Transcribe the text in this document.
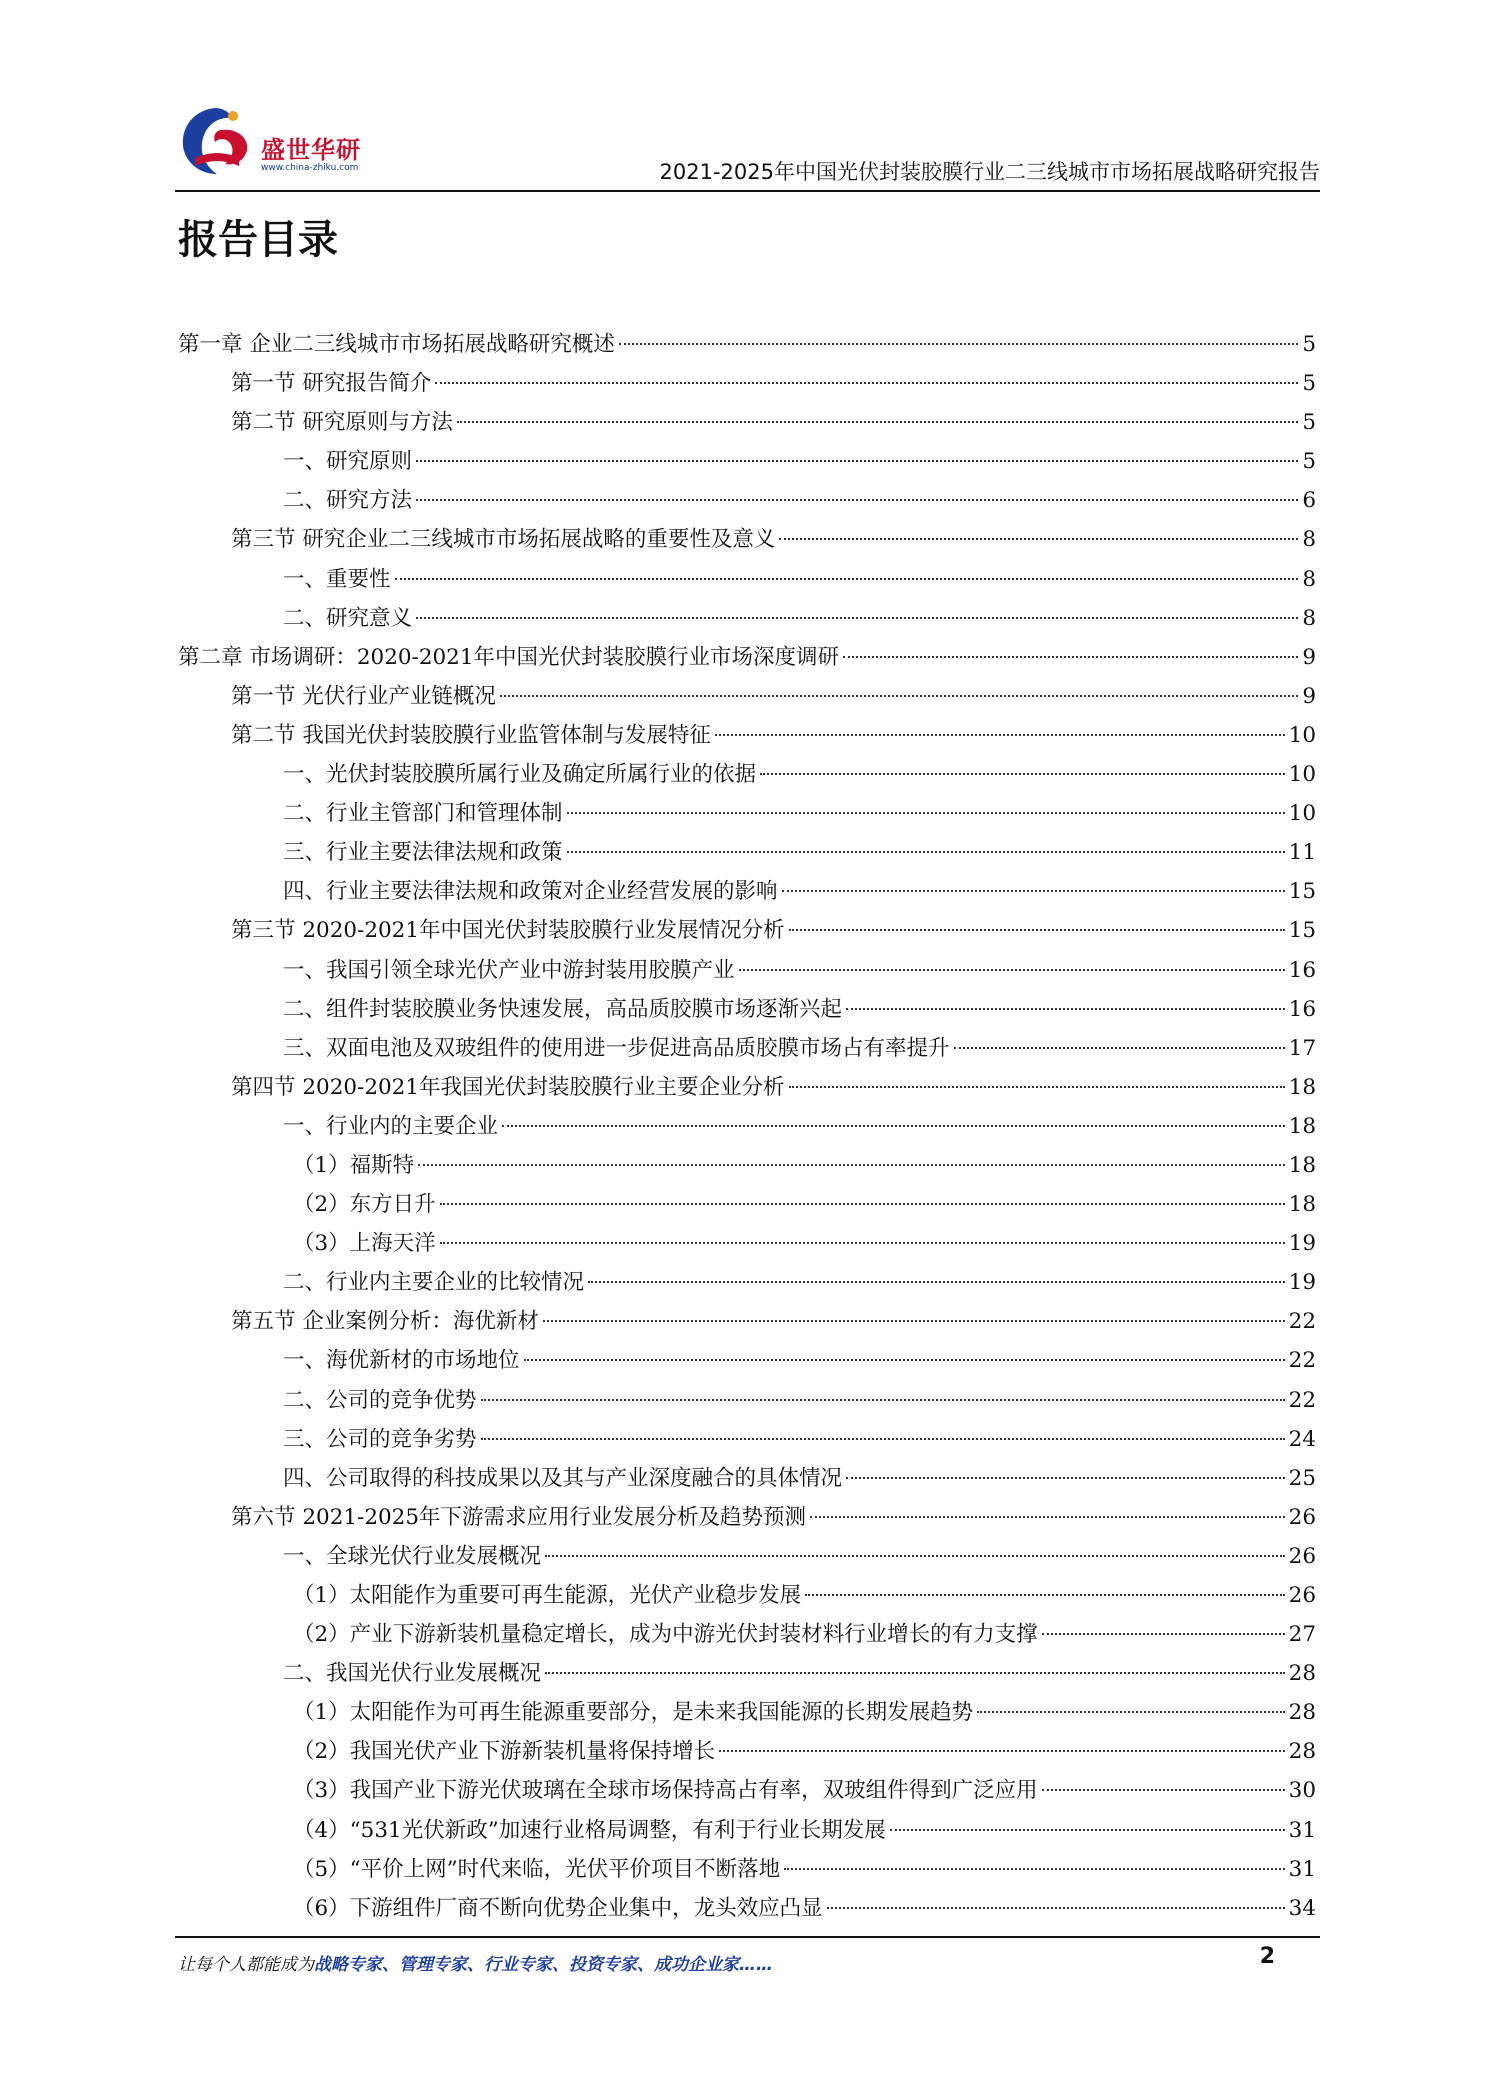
盛世华研
www.china-zhiku.com	2021-2025年中国光伏封装胶膜行业二三线城市市场拓展战略研究报告
报告目录
第一章 企业二三线城市市场拓展战略研究概述	5
第一节 研究报告简介	5
第二节 研究原则与方法	5
一、研究原则	5
二、研究方法	6
第三节 研究企业二三线城市市场拓展战略的重要性及意义	8
一、重要性	8
二、研究意义	8
第二章 市场调研：2020-2021年中国光伏封装胶膜行业市场深度调研	9
第一节 光伏行业产业链概况	9
第二节 我国光伏封装胶膜行业监管体制与发展特征	10
一、光伏封装胶膜所属行业及确定所属行业的依据	10
二、行业主管部门和管理体制	10
三、行业主要法律法规和政策	11
四、行业主要法律法规和政策对企业经营发展的影响	15
第三节 2020-2021年中国光伏封装胶膜行业发展情况分析	15
一、我国引领全球光伏产业中游封装用胶膜产业	16
二、组件封装胶膜业务快速发展，高品质胶膜市场逐渐兴起	16
三、双面电池及双玻组件的使用进一步促进高品质胶膜市场占有率提升	17
第四节 2020-2021年我国光伏封装胶膜行业主要企业分析	18
一、行业内的主要企业	18
（1）福斯特	18
（2）东方日升	18
（3）上海天洋	19
二、行业内主要企业的比较情况	19
第五节 企业案例分析：海优新材	22
一、海优新材的市场地位	22
二、公司的竞争优势	22
三、公司的竞争劣势	24
四、公司取得的科技成果以及其与产业深度融合的具体情况	25
第六节 2021-2025年下游需求应用行业发展分析及趋势预测	26
一、全球光伏行业发展概况	26
（1）太阳能作为重要可再生能源，光伏产业稳步发展	26
（2）产业下游新装机量稳定增长，成为中游光伏封装材料行业增长的有力支撑	27
二、我国光伏行业发展概况	28
（1）太阳能作为可再生能源重要部分，是未来我国能源的长期发展趋势	28
（2）我国光伏产业下游新装机量将保持增长	28
（3）我国产业下游光伏玻璃在全球市场保持高占有率，双玻组件得到广泛应用	30
（4）“531光伏新政”加速行业格局调整，有利于行业长期发展	31
（5）“平价上网”时代来临，光伏平价项目不断落地	31
（6）下游组件厂商不断向优势企业集中，龙头效应凸显	34
让每个人都能成为战略专家、管理专家、行业专家、投资专家、成功企业家……	2
